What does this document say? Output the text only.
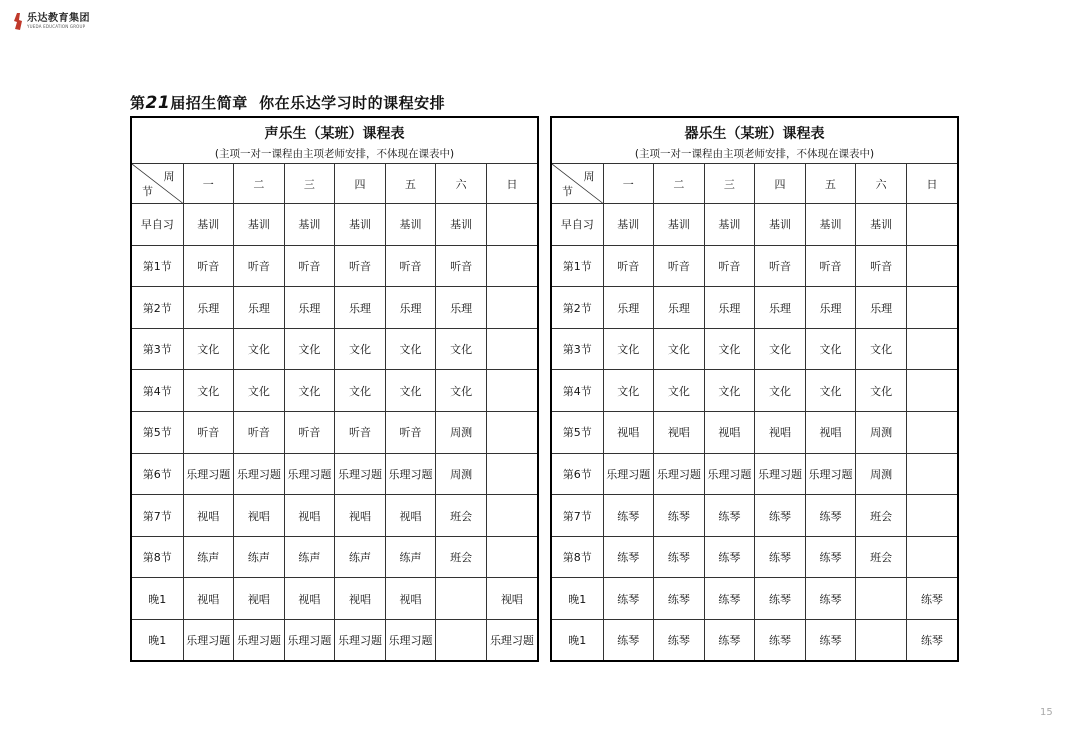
乐达教育集团
YUEDA EDUCATION GROUP
第21届招生简章  你在乐达学习时的课程安排
声乐生（某班）课程表
(主项一对一课程由主项老师安排，不体现在课表中)							

周
节	一	二	三	四	五	六	日
早自习	基训	基训	基训	基训	基训	基训	
第1节	听音	听音	听音	听音	听音	听音	
第2节	乐理	乐理	乐理	乐理	乐理	乐理	
第3节	文化	文化	文化	文化	文化	文化	
第4节	文化	文化	文化	文化	文化	文化	
第5节	听音	听音	听音	听音	听音	周测	
第6节	乐理习题	乐理习题	乐理习题	乐理习题	乐理习题	周测	
第7节	视唱	视唱	视唱	视唱	视唱	班会	
第8节	练声	练声	练声	练声	练声	班会	
晚1	视唱	视唱	视唱	视唱	视唱		视唱
晚1	乐理习题	乐理习题	乐理习题	乐理习题	乐理习题		乐理习题
器乐生（某班）课程表
(主项一对一课程由主项老师安排，不体现在课表中)							

周
节	一	二	三	四	五	六	日
早自习	基训	基训	基训	基训	基训	基训	
第1节	听音	听音	听音	听音	听音	听音	
第2节	乐理	乐理	乐理	乐理	乐理	乐理	
第3节	文化	文化	文化	文化	文化	文化	
第4节	文化	文化	文化	文化	文化	文化	
第5节	视唱	视唱	视唱	视唱	视唱	周测	
第6节	乐理习题	乐理习题	乐理习题	乐理习题	乐理习题	周测	
第7节	练琴	练琴	练琴	练琴	练琴	班会	
第8节	练琴	练琴	练琴	练琴	练琴	班会	
晚1	练琴	练琴	练琴	练琴	练琴		练琴
晚1	练琴	练琴	练琴	练琴	练琴		练琴
15
